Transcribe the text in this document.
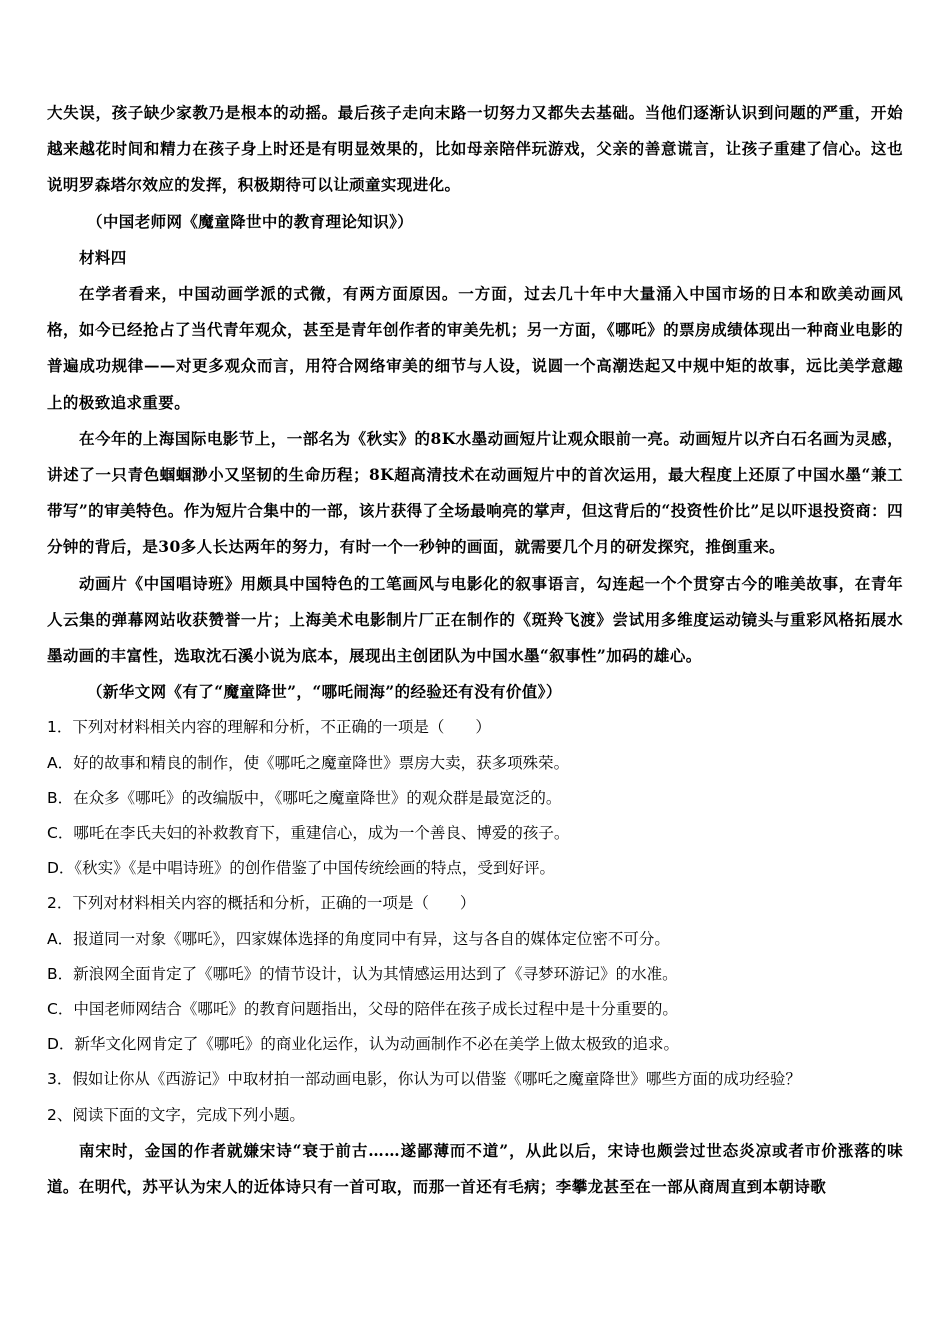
大失误，孩子缺少家教乃是根本的动摇。最后孩子走向末路一切努力又都失去基础。当他们逐渐认识到问题的严重，开始越来越花时间和精力在孩子身上时还是有明显效果的，比如母亲陪伴玩游戏，父亲的善意谎言，让孩子重建了信心。这也说明罗森塔尔效应的发挥，积极期待可以让顽童实现进化。

（中国老师网《魔童降世中的教育理论知识》）

材料四

在学者看来，中国动画学派的式微，有两方面原因。一方面，过去几十年中大量涌入中国市场的日本和欧美动画风格，如今已经抢占了当代青年观众，甚至是青年创作者的审美先机；另一方面，《哪吒》的票房成绩体现出一种商业电影的普遍成功规律——对更多观众而言，用符合网络审美的细节与人设，说圆一个高潮迭起又中规中矩的故事，远比美学意趣上的极致追求重要。

在今年的上海国际电影节上，一部名为《秋实》的8K水墨动画短片让观众眼前一亮。动画短片以齐白石名画为灵感，讲述了一只青色蝈蝈渺小又坚韧的生命历程；8K超高清技术在动画短片中的首次运用，最大程度上还原了中国水墨“兼工带写”的审美特色。作为短片合集中的一部，该片获得了全场最响亮的掌声，但这背后的“投资性价比”足以吓退投资商：四分钟的背后，是30多人长达两年的努力，有时一个一秒钟的画面，就需要几个月的研发探究，推倒重来。

动画片《中国唱诗班》用颇具中国特色的工笔画风与电影化的叙事语言，勾连起一个个贯穿古今的唯美故事，在青年人云集的弹幕网站收获赞誉一片；上海美术电影制片厂正在制作的《斑羚飞渡》尝试用多维度运动镜头与重彩风格拓展水墨动画的丰富性，选取沈石溪小说为底本，展现出主创团队为中国水墨“叙事性”加码的雄心。

（新华文网《有了“魔童降世”，“哪吒闹海”的经验还有没有价值》）

1．下列对材料相关内容的理解和分析，不正确的一项是（　　）

A．好的故事和精良的制作，使《哪吒之魔童降世》票房大卖，获多项殊荣。

B．在众多《哪吒》的改编版中，《哪吒之魔童降世》的观众群是最宽泛的。

C．哪吒在李氏夫妇的补救教育下，重建信心，成为一个善良、博爱的孩子。

D．《秋实》《是中唱诗班》的创作借鉴了中国传统绘画的特点，受到好评。

2．下列对材料相关内容的概括和分析，正确的一项是（　　）

A．报道同一对象《哪吒》，四家媒体选择的角度同中有异，这与各自的媒体定位密不可分。

B．新浪网全面肯定了《哪吒》的情节设计，认为其情感运用达到了《寻梦环游记》的水准。

C．中国老师网结合《哪吒》的教育问题指出，父母的陪伴在孩子成长过程中是十分重要的。

D．新华文化网肯定了《哪吒》的商业化运作，认为动画制作不必在美学上做太极致的追求。

3．假如让你从《西游记》中取材拍一部动画电影，你认为可以借鉴《哪吒之魔童降世》哪些方面的成功经验？

2、阅读下面的文字，完成下列小题。

南宋时，金国的作者就嫌宋诗“衰于前古……遂鄙薄而不道”，从此以后，宋诗也颇尝过世态炎凉或者市价涨落的味道。在明代，苏平认为宋人的近体诗只有一首可取，而那一首还有毛病；李攀龙甚至在一部从商周直到本朝诗歌
